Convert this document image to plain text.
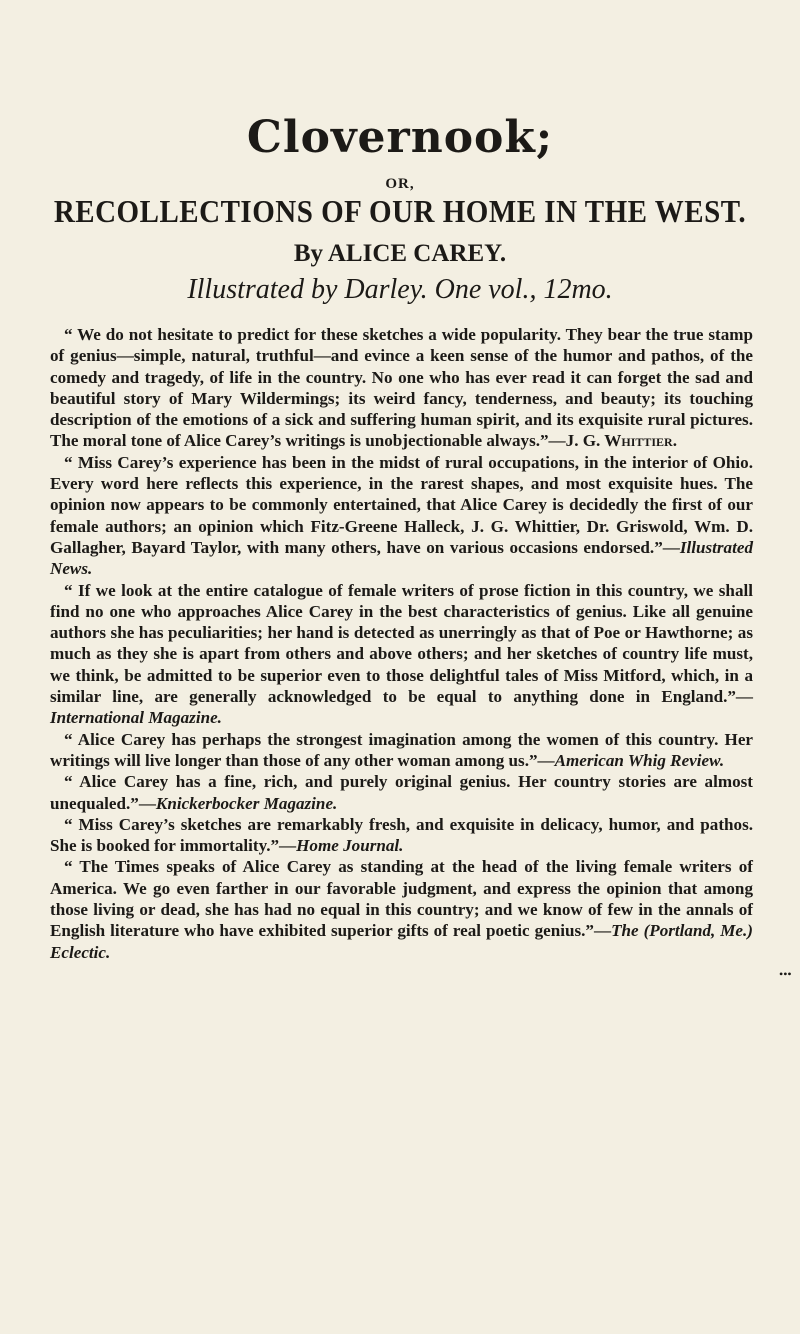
Clovernook;
OR,
RECOLLECTIONS OF OUR HOME IN THE WEST.
By ALICE CAREY.
Illustrated by Darley. One vol., 12mo.

“ We do not hesitate to predict for these sketches a wide popularity. They bear the true stamp of genius—simple, natural, truthful—and evince a keen sense of the humor and pathos, of the comedy and tragedy, of life in the country. No one who has ever read it can forget the sad and beautiful story of Mary Wildermings; its weird fancy, tenderness, and beauty; its touching description of the emotions of a sick and suffering human spirit, and its exquisite rural pictures. The moral tone of Alice Carey’s writings is unobjectionable always.”—J. G. Whittier.

“ Miss Carey’s experience has been in the midst of rural occupations, in the interior of Ohio. Every word here reflects this experience, in the rarest shapes, and most exquisite hues. The opinion now appears to be commonly entertained, that Alice Carey is decidedly the first of our female authors; an opinion which Fitz-Greene Halleck, J. G. Whittier, Dr. Griswold, Wm. D. Gallagher, Bayard Taylor, with many others, have on various occasions endorsed.”—Illustrated News.

“ If we look at the entire catalogue of female writers of prose fiction in this country, we shall find no one who approaches Alice Carey in the best characteristics of genius. Like all genuine authors she has peculiarities; her hand is detected as unerringly as that of Poe or Hawthorne; as much as they she is apart from others and above others; and her sketches of country life must, we think, be admitted to be superior even to those delightful tales of Miss Mitford, which, in a similar line, are generally acknowledged to be equal to anything done in England.”—International Magazine.

“ Alice Carey has perhaps the strongest imagination among the women of this country. Her writings will live longer than those of any other woman among us.”—American Whig Review.

“ Alice Carey has a fine, rich, and purely original genius. Her country stories are almost unequaled.”—Knickerbocker Magazine.

“ Miss Carey’s sketches are remarkably fresh, and exquisite in delicacy, humor, and pathos. She is booked for immortality.”—Home Journal.

“ The Times speaks of Alice Carey as standing at the head of the living female writers of America. We go even farther in our favorable judgment, and express the opinion that among those living or dead, she has had no equal in this country; and we know of few in the annals of English literature who have exhibited superior gifts of real poetic genius.”—The (Portland, Me.) Eclectic.

•••
